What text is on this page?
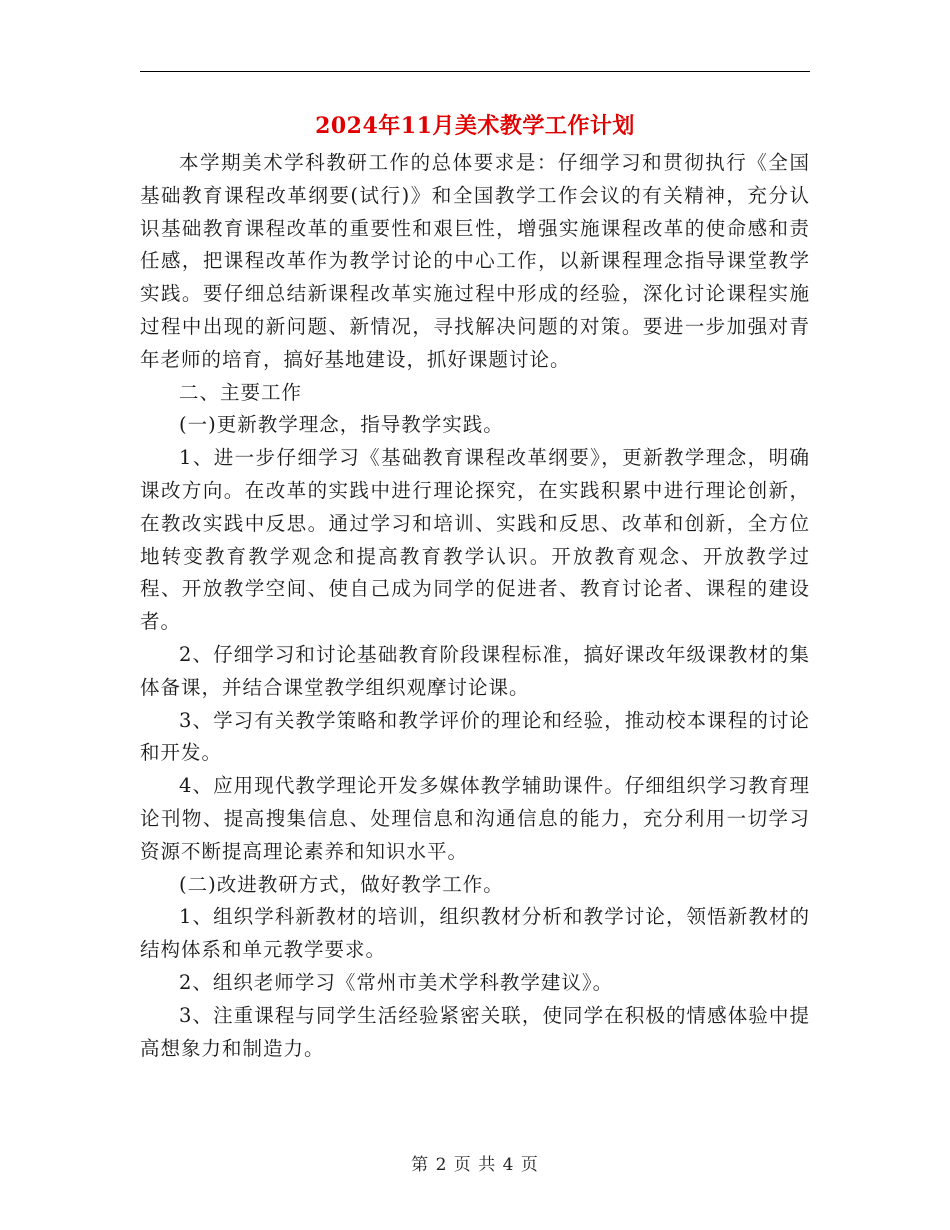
2024年11月美术教学工作计划

本学期美术学科教研工作的总体要求是：仔细学习和贯彻执行《全国基础教育课程改革纲要(试行)》和全国教学工作会议的有关精神，充分认识基础教育课程改革的重要性和艰巨性，增强实施课程改革的使命感和责任感，把课程改革作为教学讨论的中心工作，以新课程理念指导课堂教学实践。要仔细总结新课程改革实施过程中形成的经验，深化讨论课程实施过程中出现的新问题、新情况，寻找解决问题的对策。要进一步加强对青年老师的培育，搞好基地建设，抓好课题讨论。

二、主要工作

(一)更新教学理念，指导教学实践。

1、进一步仔细学习《基础教育课程改革纲要》，更新教学理念，明确课改方向。在改革的实践中进行理论探究，在实践积累中进行理论创新，在教改实践中反思。通过学习和培训、实践和反思、改革和创新，全方位地转变教育教学观念和提高教育教学认识。开放教育观念、开放教学过程、开放教学空间、使自己成为同学的促进者、教育讨论者、课程的建设者。

2、仔细学习和讨论基础教育阶段课程标准，搞好课改年级课教材的集体备课，并结合课堂教学组织观摩讨论课。

3、学习有关教学策略和教学评价的理论和经验，推动校本课程的讨论和开发。

4、应用现代教学理论开发多媒体教学辅助课件。仔细组织学习教育理论刊物、提高搜集信息、处理信息和沟通信息的能力，充分利用一切学习资源不断提高理论素养和知识水平。

(二)改进教研方式，做好教学工作。

1、组织学科新教材的培训，组织教材分析和教学讨论，领悟新教材的结构体系和单元教学要求。

2、组织老师学习《常州市美术学科教学建议》。

3、注重课程与同学生活经验紧密关联，使同学在积极的情感体验中提高想象力和制造力。

第 2 页 共 4 页
